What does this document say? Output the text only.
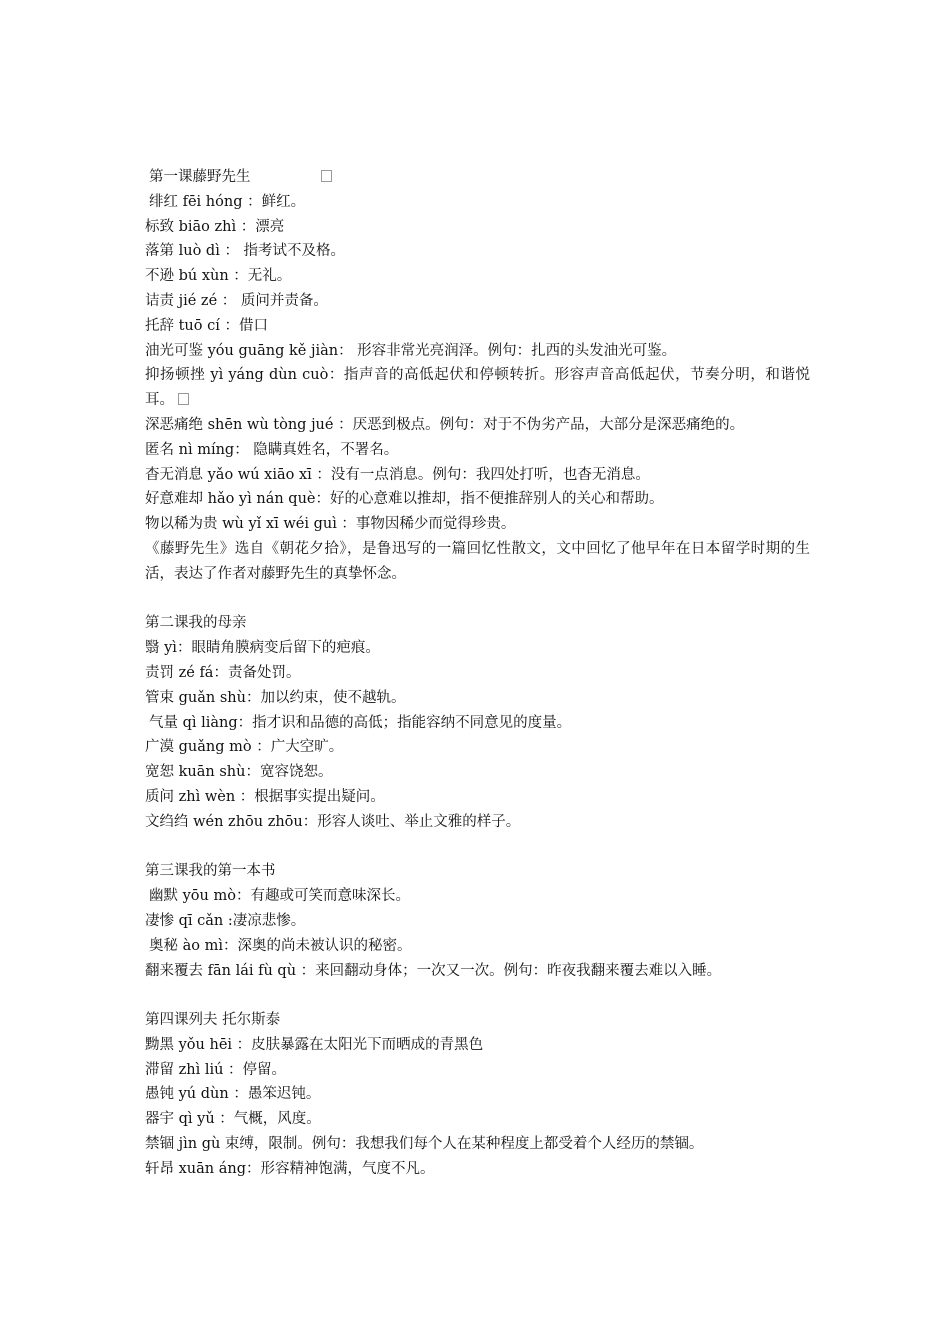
第一课藤野先生
绯红 fēi hóng ：鲜红。
标致 biāo zhì ：漂亮
落第 luò dì ： 指考试不及格。
不逊 bú xùn ：无礼。
诘责 jié zé ： 质问并责备。
托辞 tuō cí ：借口
油光可鉴 yóu guāng kě jiàn： 形容非常光亮润泽。例句：扎西的头发油光可鉴。
抑扬顿挫 yì yáng dùn cuò：指声音的高低起伏和停顿转折。形容声音高低起伏，节奏分明，和谐悦耳。
深恶痛绝 shēn wù tòng jué ：厌恶到极点。例句：对于不伪劣产品，大部分是深恶痛绝的。
匿名 nì míng： 隐瞒真姓名，不署名。
杳无消息 yǎo wú xiāo xī ：没有一点消息。例句：我四处打听，也杳无消息。
好意难却 hǎo yì nán què：好的心意难以推却，指不便推辞别人的关心和帮助。
物以稀为贵 wù yǐ xī wéi guì ：事物因稀少而觉得珍贵。
《藤野先生》选自《朝花夕拾》，是鲁迅写的一篇回忆性散文，文中回忆了他早年在日本留学时期的生活，表达了作者对藤野先生的真挚怀念。
第二课我的母亲
翳 yì：眼睛角膜病变后留下的疤痕。
责罚 zé fá：责备处罚。
管束 guǎn shù：加以约束，使不越轨。
气量 qì liàng：指才识和品德的高低；指能容纳不同意见的度量。
广漠 guǎng mò ：广大空旷。
宽恕 kuān shù：宽容饶恕。
质问 zhì wèn ：根据事实提出疑问。
文绉绉 wén zhōu zhōu：形容人谈吐、举止文雅的样子。
第三课我的第一本书
幽默 yōu mò：有趣或可笑而意味深长。
凄惨 qī cǎn :凄凉悲惨。
奥秘 ào mì：深奥的尚未被认识的秘密。
翻来覆去 fān lái fù qù ：来回翻动身体；一次又一次。例句：昨夜我翻来覆去难以入睡。
第四课列夫 托尔斯泰
黝黑 yǒu hēi ：皮肤暴露在太阳光下而晒成的青黑色
滞留 zhì liú ：停留。
愚钝 yú dùn ：愚笨迟钝。
器宇 qì yǔ ：气概，风度。
禁锢 jìn gù 束缚，限制。例句：我想我们每个人在某种程度上都受着个人经历的禁锢。
轩昂 xuān áng：形容精神饱满，气度不凡。
